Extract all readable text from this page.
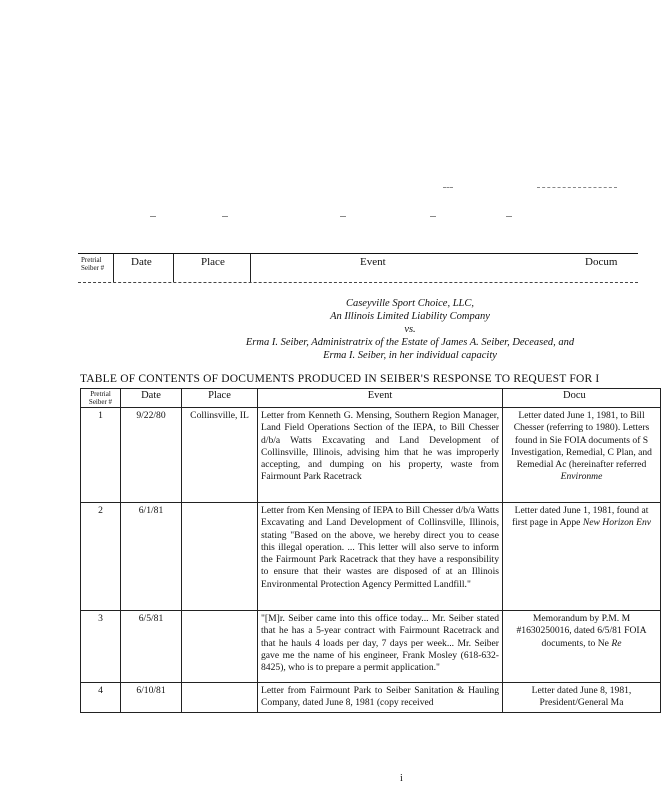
Pretrial Seiber #	Date	Place	Event	Docum
Caseyville Sport Choice, LLC,
An Illinois Limited Liability Company
vs.
Erma I. Seiber, Administratrix of the Estate of James A. Seiber, Deceased, and
Erma I. Seiber, in her individual capacity
TABLE OF CONTENTS OF DOCUMENTS PRODUCED IN SEIBER'S RESPONSE TO REQUEST FOR I
Pretrial Seiber #	Date	Place	Event	Docu
1	9/22/80	Collinsville, IL	Letter from Kenneth G. Mensing, Southern Region Manager, Land Field Operations Section of the IEPA, to Bill Chesser d/b/a Watts Excavating and Land Development of Collinsville, Illinois, advising him that he was improperly accepting, and dumping on his property, waste from Fairmount Park Racetrack	Letter dated June 1, 1981, to Bill Chesser (referring to 1980). Letters found in Sie FOIA documents of S Investigation, Remedial, C Plan, and Remedial Ac (hereinafter referred Environme
2	6/1/81		Letter from Ken Mensing of IEPA to Bill Chesser d/b/a Watts Excavating and Land Development of Collinsville, Illinois, stating "Based on the above, we hereby direct you to cease this illegal operation. ... This letter will also serve to inform the Fairmount Park Racetrack that they have a responsibility to ensure that their wastes are disposed of at an Illinois Environmental Protection Agency Permitted Landfill."	Letter dated June 1, 1981, found at first page in Appe New Horizon Env
3	6/5/81		"[M]r. Seiber came into this office today... Mr. Seiber stated that he has a 5-year contract with Fairmount Racetrack and that he hauls 4 loads per day, 7 days per week... Mr. Seiber gave me the name of his engineer, Frank Mosley (618-632-8425), who is to prepare a permit application."	Memorandum by P.M. M #1630250016, dated 6/5/81 FOIA documents, to Ne Re
4	6/10/81		Letter from Fairmount Park to Seiber Sanitation & Hauling Company, dated June 8, 1981 (copy received	Letter dated June 8, 1981, President/General Ma
i
